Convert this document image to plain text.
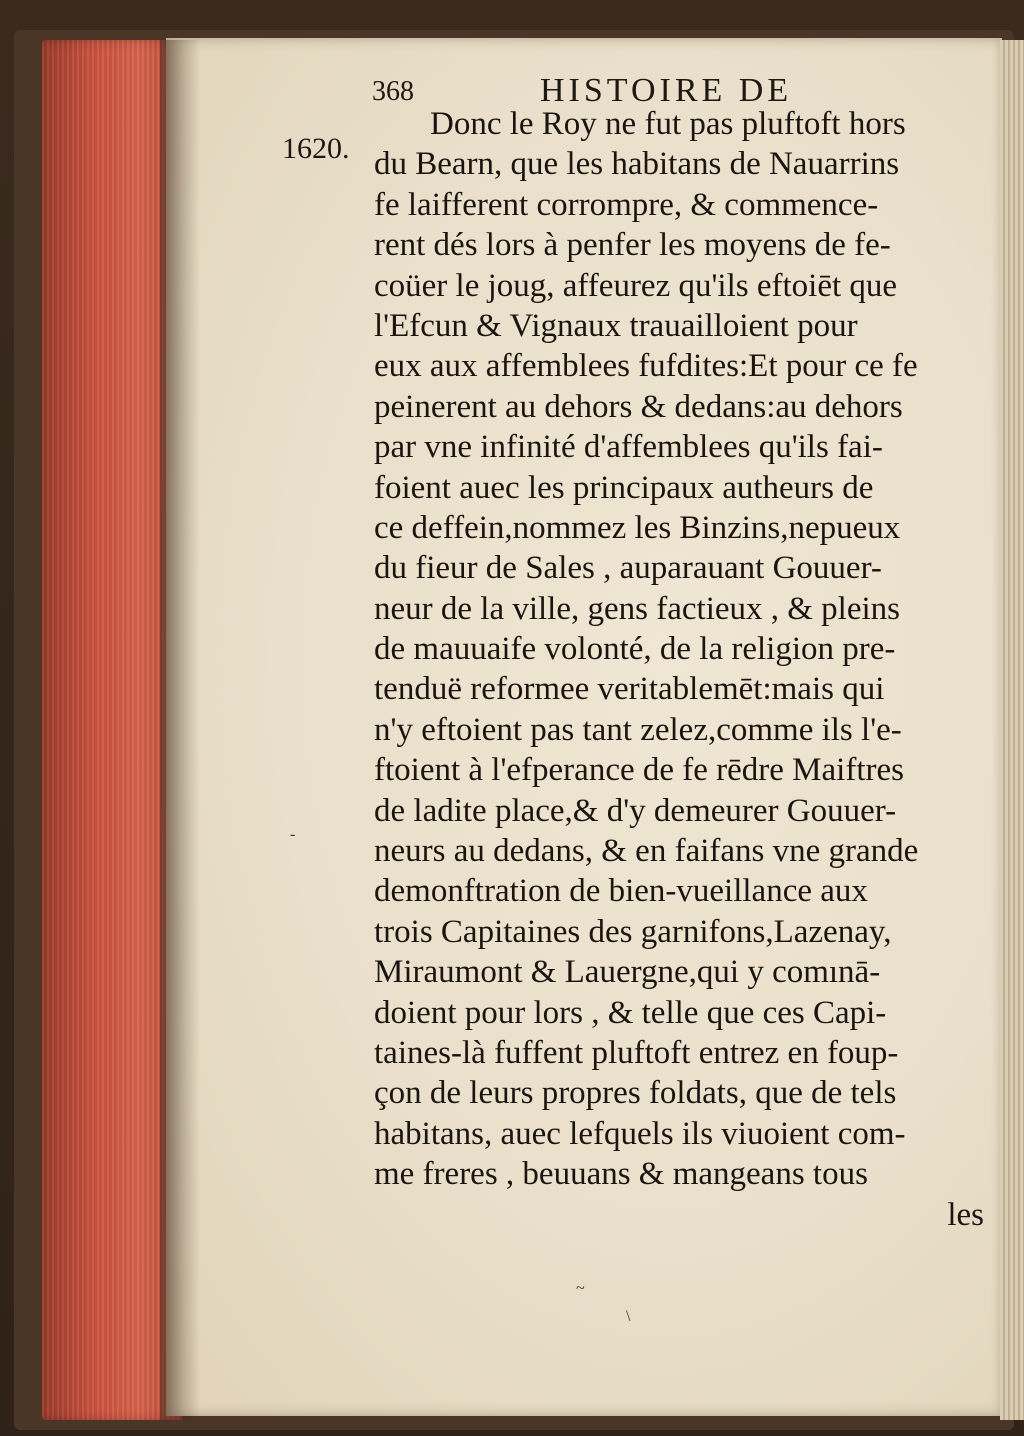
368	HISTOIRE DE
1620.
Donc le Roy ne fut pas pluftoft hors
du Bearn, que les habitans de Nauarrins
fe laifferent corrompre, & commence-
rent dés lors à penfer les moyens de fe-
coüer le joug, affeurez qu'ils eftoiēt que
l'Efcun & Vignaux trauailloient pour
eux aux affemblees fufdites:Et pour ce fe
peinerent au dehors & dedans:au dehors
par vne infinité d'affemblees qu'ils fai-
foient auec les principaux autheurs de
ce deffein,nommez les Binzins,nepueux
du fieur de Sales , auparauant Gouuer-
neur de la ville, gens factieux , & pleins
de mauuaife volonté, de la religion pre-
tenduë reformee veritablemēt:mais qui
n'y eftoient pas tant zelez,comme ils l'e-
ftoient à l'efperance de fe rēdre Maiftres
de ladite place,& d'y demeurer Gouuer-
neurs au dedans, & en faifans vne grande
demonftration de bien-vueillance aux
trois Capitaines des garnifons,Lazenay,
Miraumont & Lauergne,qui y comınā-
doient pour lors , & telle que ces Capi-
taines-là fuffent pluftoft entrez en foup-
çon de leurs propres foldats, que de tels
habitans, auec lefquels ils viuoient com-
me freres , beuuans & mangeans tous
les
-
~
\
